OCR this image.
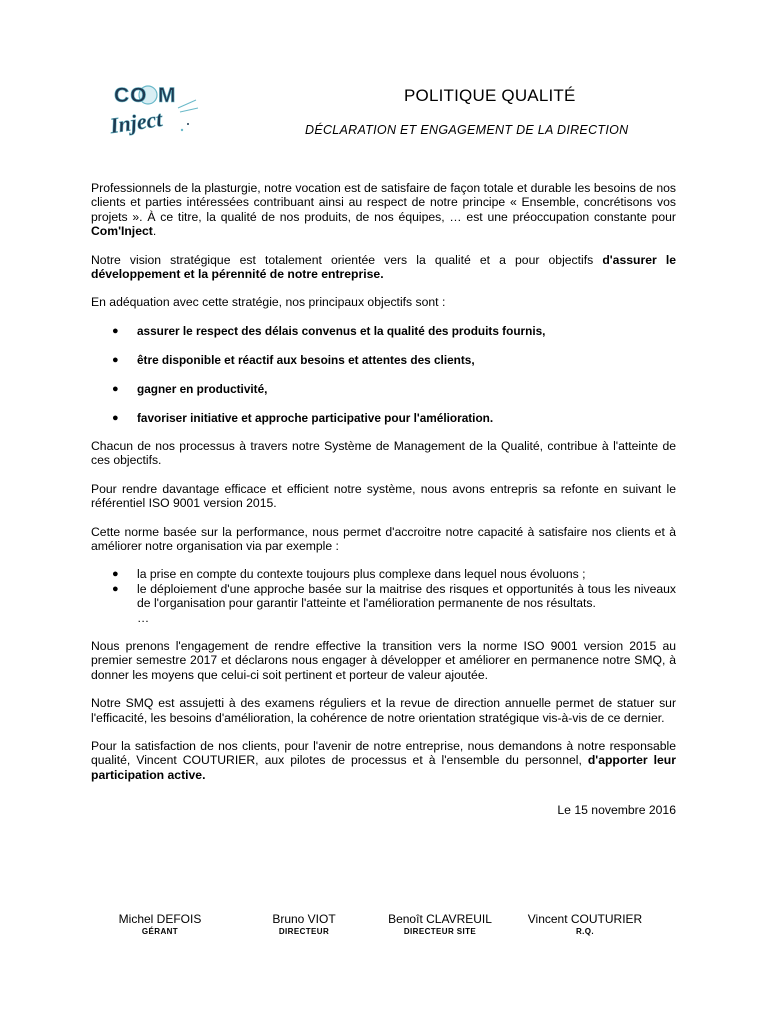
CO M
Inject
POLITIQUE QUALITÉ
DÉCLARATION ET ENGAGEMENT DE LA DIRECTION

Professionnels de la plasturgie, notre vocation est de satisfaire de façon totale et durable les besoins de nos clients et parties intéressées contribuant ainsi au respect de notre principe « Ensemble, concrétisons vos projets ». À ce titre, la qualité de nos produits, de nos équipes, … est une préoccupation constante pour Com'Inject.

Notre vision stratégique est totalement orientée vers la qualité et a pour objectifs d'assurer le développement et la pérennité de notre entreprise.

En adéquation avec cette stratégie, nos principaux objectifs sont :

● assurer le respect des délais convenus et la qualité des produits fournis,
● être disponible et réactif aux besoins et attentes des clients,
● gagner en productivité,
● favoriser initiative et approche participative pour l'amélioration.

Chacun de nos processus à travers notre Système de Management de la Qualité, contribue à l'atteinte de ces objectifs.

Pour rendre davantage efficace et efficient notre système, nous avons entrepris sa refonte en suivant le référentiel ISO 9001 version 2015.

Cette norme basée sur la performance, nous permet d'accroitre notre capacité à satisfaire nos clients et à améliorer notre organisation via par exemple :

● la prise en compte du contexte toujours plus complexe dans lequel nous évoluons ;
● le déploiement d'une approche basée sur la maitrise des risques et opportunités à tous les niveaux de l'organisation pour garantir l'atteinte et l'amélioration permanente de nos résultats.
…

Nous prenons l'engagement de rendre effective la transition vers la norme ISO 9001 version 2015 au premier semestre 2017 et déclarons nous engager à développer et améliorer en permanence notre SMQ, à donner les moyens que celui-ci soit pertinent et porteur de valeur ajoutée.

Notre SMQ est assujetti à des examens réguliers et la revue de direction annuelle permet de statuer sur l'efficacité, les besoins d'amélioration, la cohérence de notre orientation stratégique vis-à-vis de ce dernier.

Pour la satisfaction de nos clients, pour l'avenir de notre entreprise, nous demandons à notre responsable qualité, Vincent COUTURIER, aux pilotes de processus et à l'ensemble du personnel, d'apporter leur participation active.

Le 15 novembre 2016
Michel DEFOIS
GÉRANT
Bruno VIOT
DIRECTEUR
Benoît CLAVREUIL
DIRECTEUR SITE
Vincent COUTURIER
R.Q.
